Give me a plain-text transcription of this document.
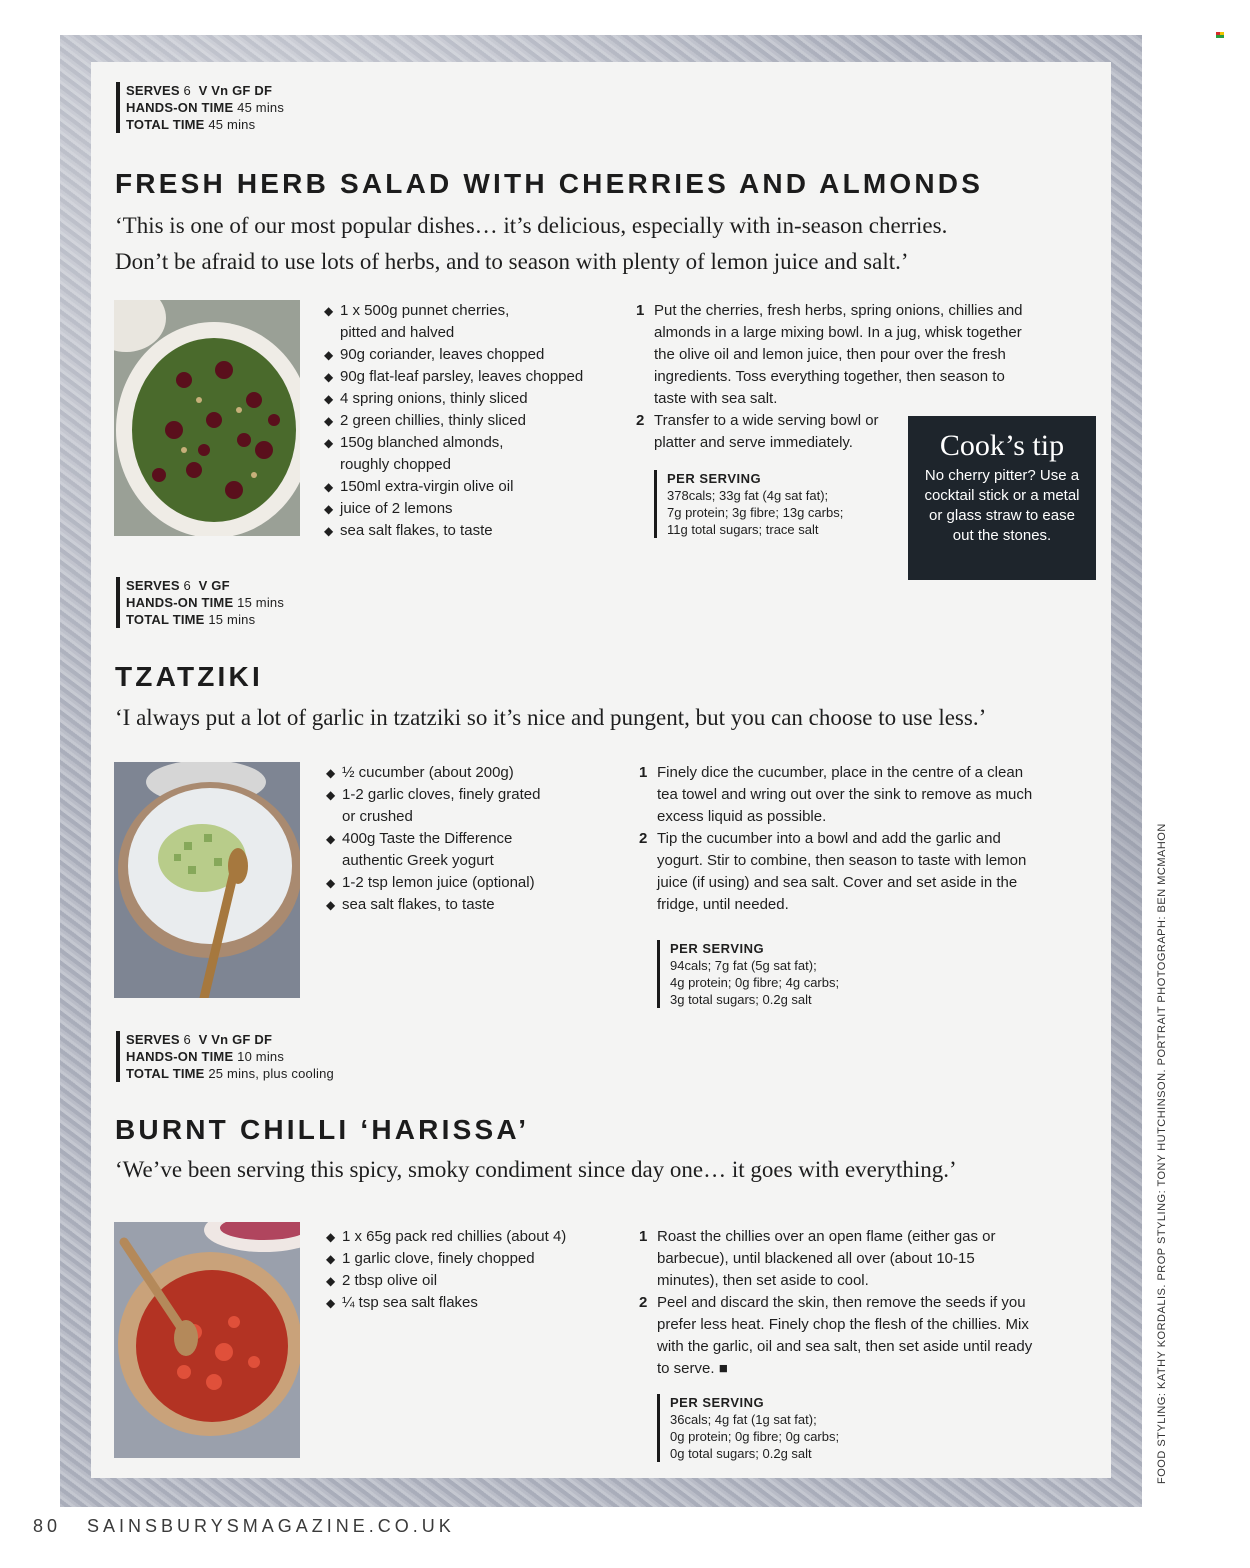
SERVES 6 V Vn GF DF
HANDS-ON TIME 45 mins
TOTAL TIME 45 mins
FRESH HERB SALAD WITH CHERRIES AND ALMONDS
‘This is one of our most popular dishes… it’s delicious, especially with in-season cherries.
Don’t be afraid to use lots of herbs, and to season with plenty of lemon juice and salt.’
◆ 1 x 500g punnet cherries,
pitted and halved
◆ 90g coriander, leaves chopped
◆ 90g flat-leaf parsley, leaves chopped
◆ 4 spring onions, thinly sliced
◆ 2 green chillies, thinly sliced
◆ 150g blanched almonds,
roughly chopped
◆ 150ml extra-virgin olive oil
◆ juice of 2 lemons
◆ sea salt flakes, to taste
1 Put the cherries, fresh herbs, spring onions, chillies and almonds in a large mixing bowl. In a jug, whisk together the olive oil and lemon juice, then pour over the fresh ingredients. Toss everything together, then season to taste with sea salt.
2 Transfer to a wide serving bowl or platter and serve immediately.
PER SERVING
378cals; 33g fat (4g sat fat);
7g protein; 3g fibre; 13g carbs;
11g total sugars; trace salt
Cook’s tip
No cherry pitter? Use a cocktail stick or a metal or glass straw to ease out the stones.
SERVES 6 V GF
HANDS-ON TIME 15 mins
TOTAL TIME 15 mins
TZATZIKI
‘I always put a lot of garlic in tzatziki so it’s nice and pungent, but you can choose to use less.’
◆ ½ cucumber (about 200g)
◆ 1-2 garlic cloves, finely grated
or crushed
◆ 400g Taste the Difference
authentic Greek yogurt
◆ 1-2 tsp lemon juice (optional)
◆ sea salt flakes, to taste
1 Finely dice the cucumber, place in the centre of a clean tea towel and wring out over the sink to remove as much excess liquid as possible.
2 Tip the cucumber into a bowl and add the garlic and yogurt. Stir to combine, then season to taste with lemon juice (if using) and sea salt. Cover and set aside in the fridge, until needed.
PER SERVING
94cals; 7g fat (5g sat fat);
4g protein; 0g fibre; 4g carbs;
3g total sugars; 0.2g salt
SERVES 6 V Vn GF DF
HANDS-ON TIME 10 mins
TOTAL TIME 25 mins, plus cooling
BURNT CHILLI ‘HARISSA’
‘We’ve been serving this spicy, smoky condiment since day one… it goes with everything.’
◆ 1 x 65g pack red chillies (about 4)
◆ 1 garlic clove, finely chopped
◆ 2 tbsp olive oil
◆ ¼ tsp sea salt flakes
1 Roast the chillies over an open flame (either gas or barbecue), until blackened all over (about 10-15 minutes), then set aside to cool.
2 Peel and discard the skin, then remove the seeds if you prefer less heat. Finely chop the flesh of the chillies. Mix with the garlic, oil and sea salt, then set aside until ready to serve. ■
PER SERVING
36cals; 4g fat (1g sat fat);
0g protein; 0g fibre; 0g carbs;
0g total sugars; 0.2g salt	FOOD STYLING: KATHY KORDALIS. PROP STYLING: TONY HUTCHINSON. PORTRAIT PHOTOGRAPH: BEN MCMAHON
80 SAINSBURYSMAGAZINE.CO.UK
